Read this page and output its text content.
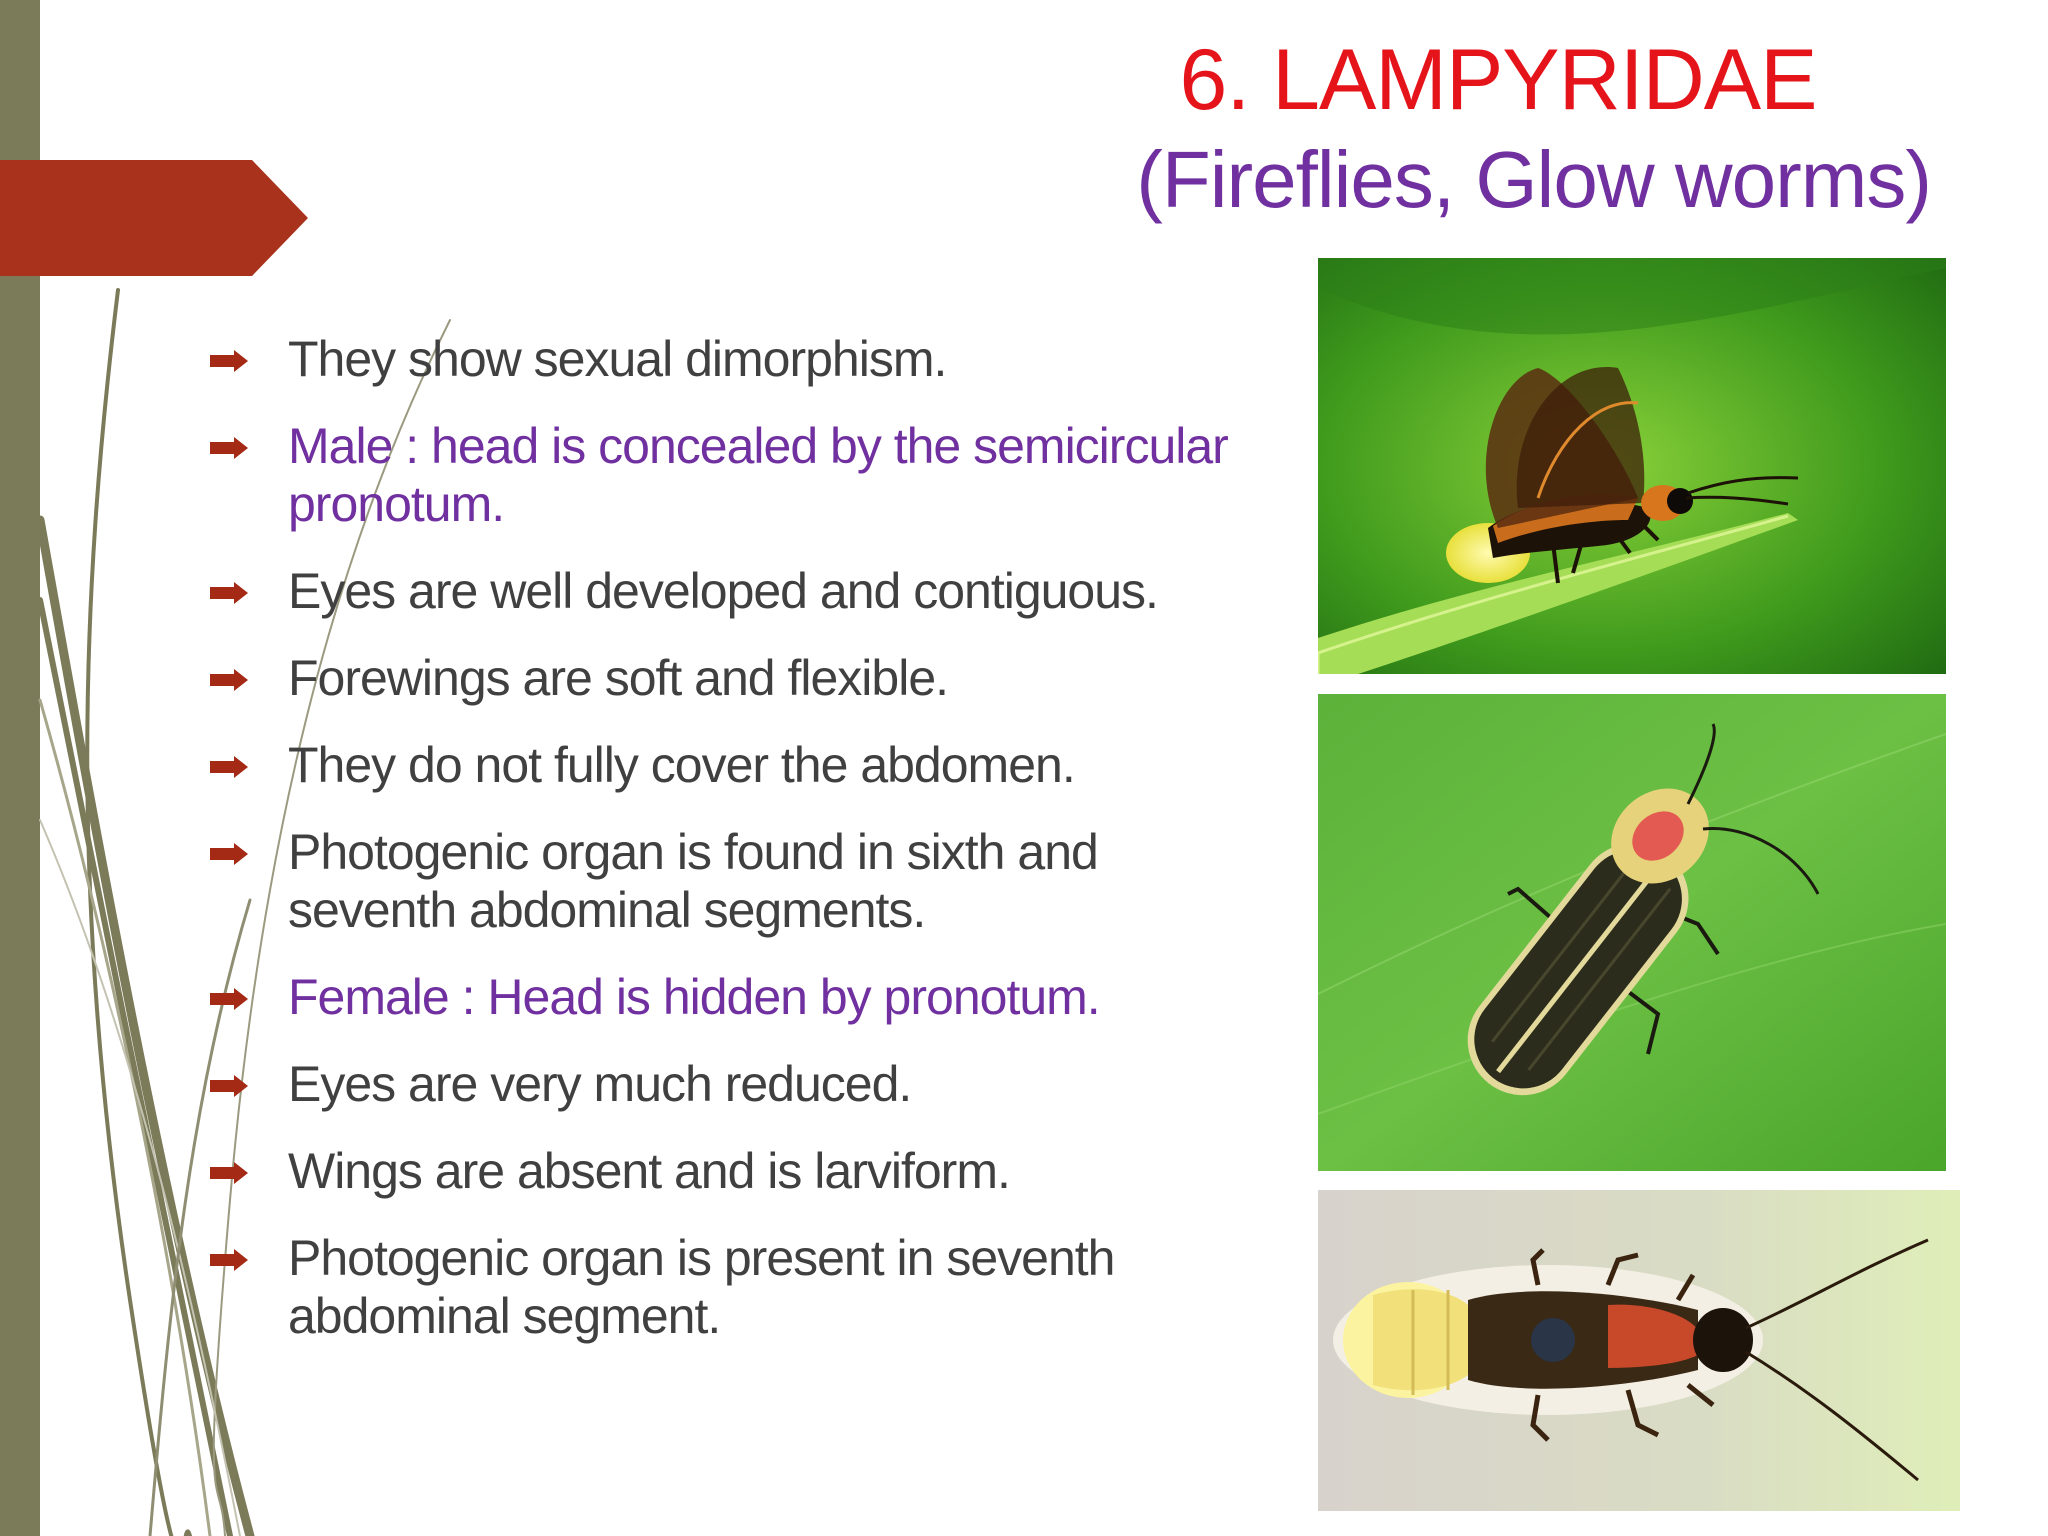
6. LAMPYRIDAE
(Fireflies, Glow worms)
They show sexual dimorphism.
Male : head is concealed by the semicircular pronotum.
Eyes are well developed and contiguous.
Forewings are soft and flexible.
They do not fully cover the abdomen.
Photogenic organ is found in sixth and seventh abdominal segments.
Female : Head is hidden by pronotum.
Eyes are very much reduced.
Wings are absent and is larviform.
Photogenic organ is present in seventh abdominal segment.
